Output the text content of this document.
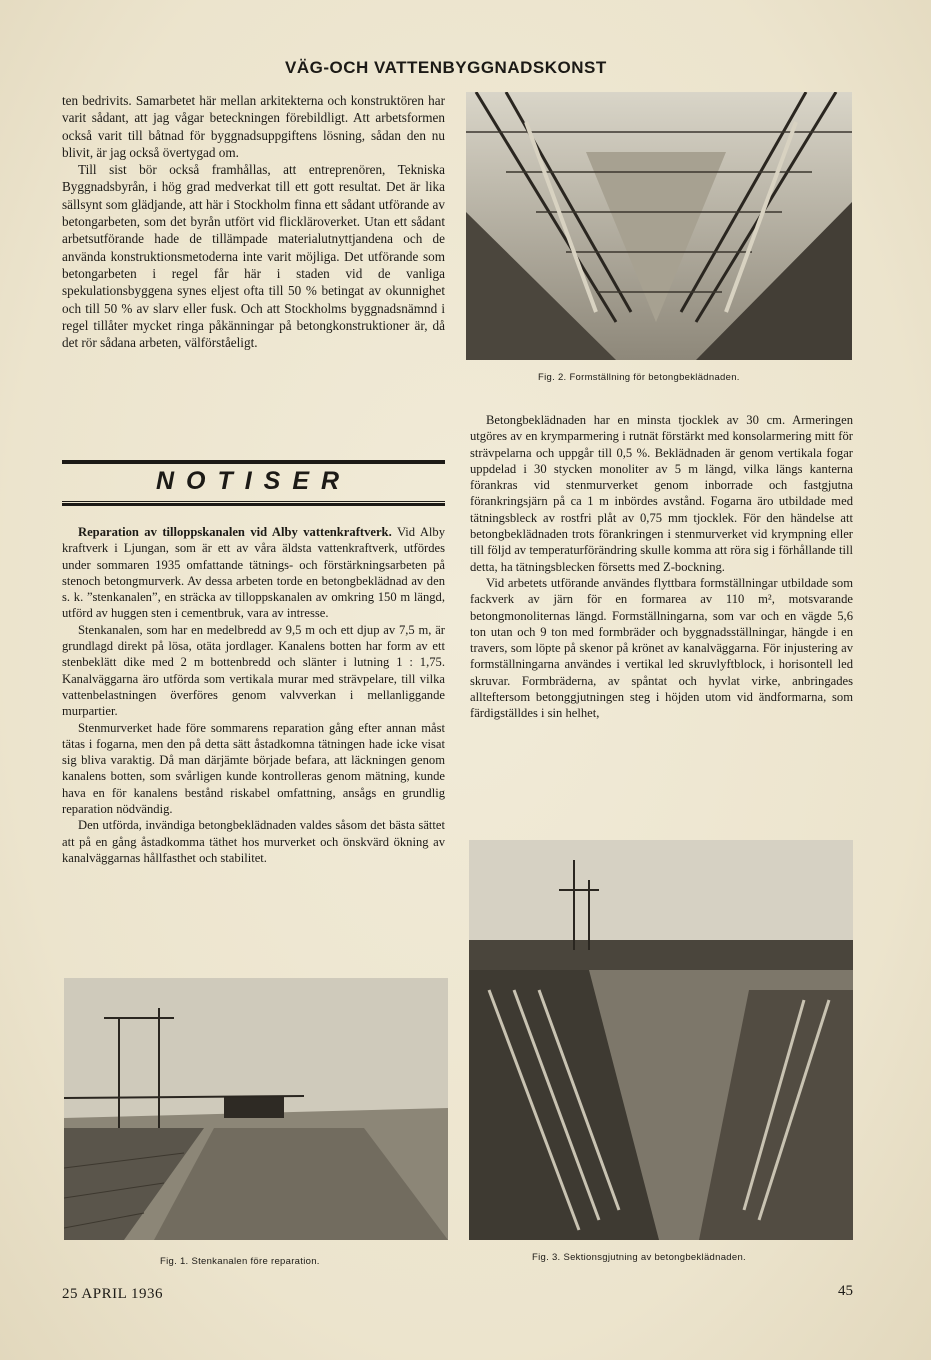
VÄG-OCH VATTENBYGGNADSKONST

ten bedrivits. Samarbetet här mellan arkitekterna och konstruktören har varit sådant, att jag vågar beteckningen förebildligt. Att arbetsformen också varit till båtnad för byggnadsuppgiftens lösning, sådan den nu blivit, är jag också övertygad om.

Till sist bör också framhållas, att entreprenören, Tekniska Byggnadsbyrån, i hög grad medverkat till ett gott resultat. Det är lika sällsynt som glädjande, att här i Stockholm finna ett sådant utförande av betongarbeten, som det byrån utfört vid flickläroverket. Utan ett sådant arbetsutförande hade de tillämpade materialutnyttjandena och de använda konstruktionsmetoderna inte varit möjliga. Det utförande som betongarbeten i regel får här i staden vid de vanliga spekulationsbyggena synes eljest ofta till 50 % betingat av okunnighet och till 50 % av slarv eller fusk. Och att Stockholms byggnadsnämnd i regel tillåter mycket ringa påkänningar på betongkonstruktioner är, då det rör sådana arbeten, välförståeligt.

NOTISER

Reparation av tilloppskanalen vid Alby vattenkraftverk. Vid Alby kraftverk i Ljungan, som är ett av våra äldsta vattenkraftverk, utfördes under sommaren 1935 omfattande tätnings- och förstärkningsarbeten på stenoch betongmurverk. Av dessa arbeten torde en betongbeklädnad av den s. k. ”stenkanalen”, en sträcka av tilloppskanalen av omkring 150 m längd, utförd av huggen sten i cementbruk, vara av intresse.

Stenkanalen, som har en medelbredd av 9,5 m och ett djup av 7,5 m, är grundlagd direkt på lösa, otäta jordlager. Kanalens botten har form av ett stenbeklätt dike med 2 m bottenbredd och slänter i lutning 1 : 1,75. Kanalväggarna äro utförda som vertikala murar med strävpelare, till vilka vattenbelastningen överföres genom valvverkan i mellanliggande murpartier.

Stenmurverket hade före sommarens reparation gång efter annan måst tätas i fogarna, men den på detta sätt åstadkomna tätningen hade icke visat sig bliva varaktig. Då man därjämte började befara, att läckningen genom kanalens botten, som svårligen kunde kontrolleras genom mätning, kunde hava en för kanalens bestånd riskabel omfattning, ansågs en grundlig reparation nödvändig.

Den utförda, invändiga betongbeklädnaden valdes såsom det bästa sättet att på en gång åstadkomma täthet hos murverket och önskvärd ökning av kanalväggarnas hållfasthet och stabilitet.

Fig. 2. Formställning för betongbeklädnaden.

Betongbeklädnaden har en minsta tjocklek av 30 cm. Armeringen utgöres av en krymparmering i rutnät förstärkt med konsolarmering mitt för strävpelarna och uppgår till 0,5 %. Beklädnaden är genom vertikala fogar uppdelad i 30 stycken monoliter av 5 m längd, vilka längs kanterna förankras vid stenmurverket genom inborrade och fastgjutna förankringsjärn på ca 1 m inbördes avstånd. Fogarna äro utbildade med tätningsbleck av rostfri plåt av 0,75 mm tjocklek. För den händelse att betongbeklädnaden trots förankringen i stenmurverket vid krympning eller till följd av temperaturförändring skulle komma att röra sig i förhållande till detta, ha tätningsblecken försetts med Z-bockning.

Vid arbetets utförande användes flyttbara formställningar utbildade som fackverk av järn för en formarea av 110 m², motsvarande betongmonoliternas längd. Formställningarna, som var och en vägde 5,6 ton utan och 9 ton med formbräder och byggnadsställningar, hängde i en travers, som löpte på skenor på krönet av kanalväggarna. För injustering av formställningarna användes i vertikal led skruvlyftblock, i horisontell led skruvar. Formbräderna, av spåntat och hyvlat virke, anbringades allteftersom betonggjutningen steg i höjden utom vid ändformarna, som färdigställdes i sin helhet,

Fig. 1. Stenkanalen före reparation.	Fig. 3. Sektionsgjutning av betongbeklädnaden.
25 APRIL 1936	45
